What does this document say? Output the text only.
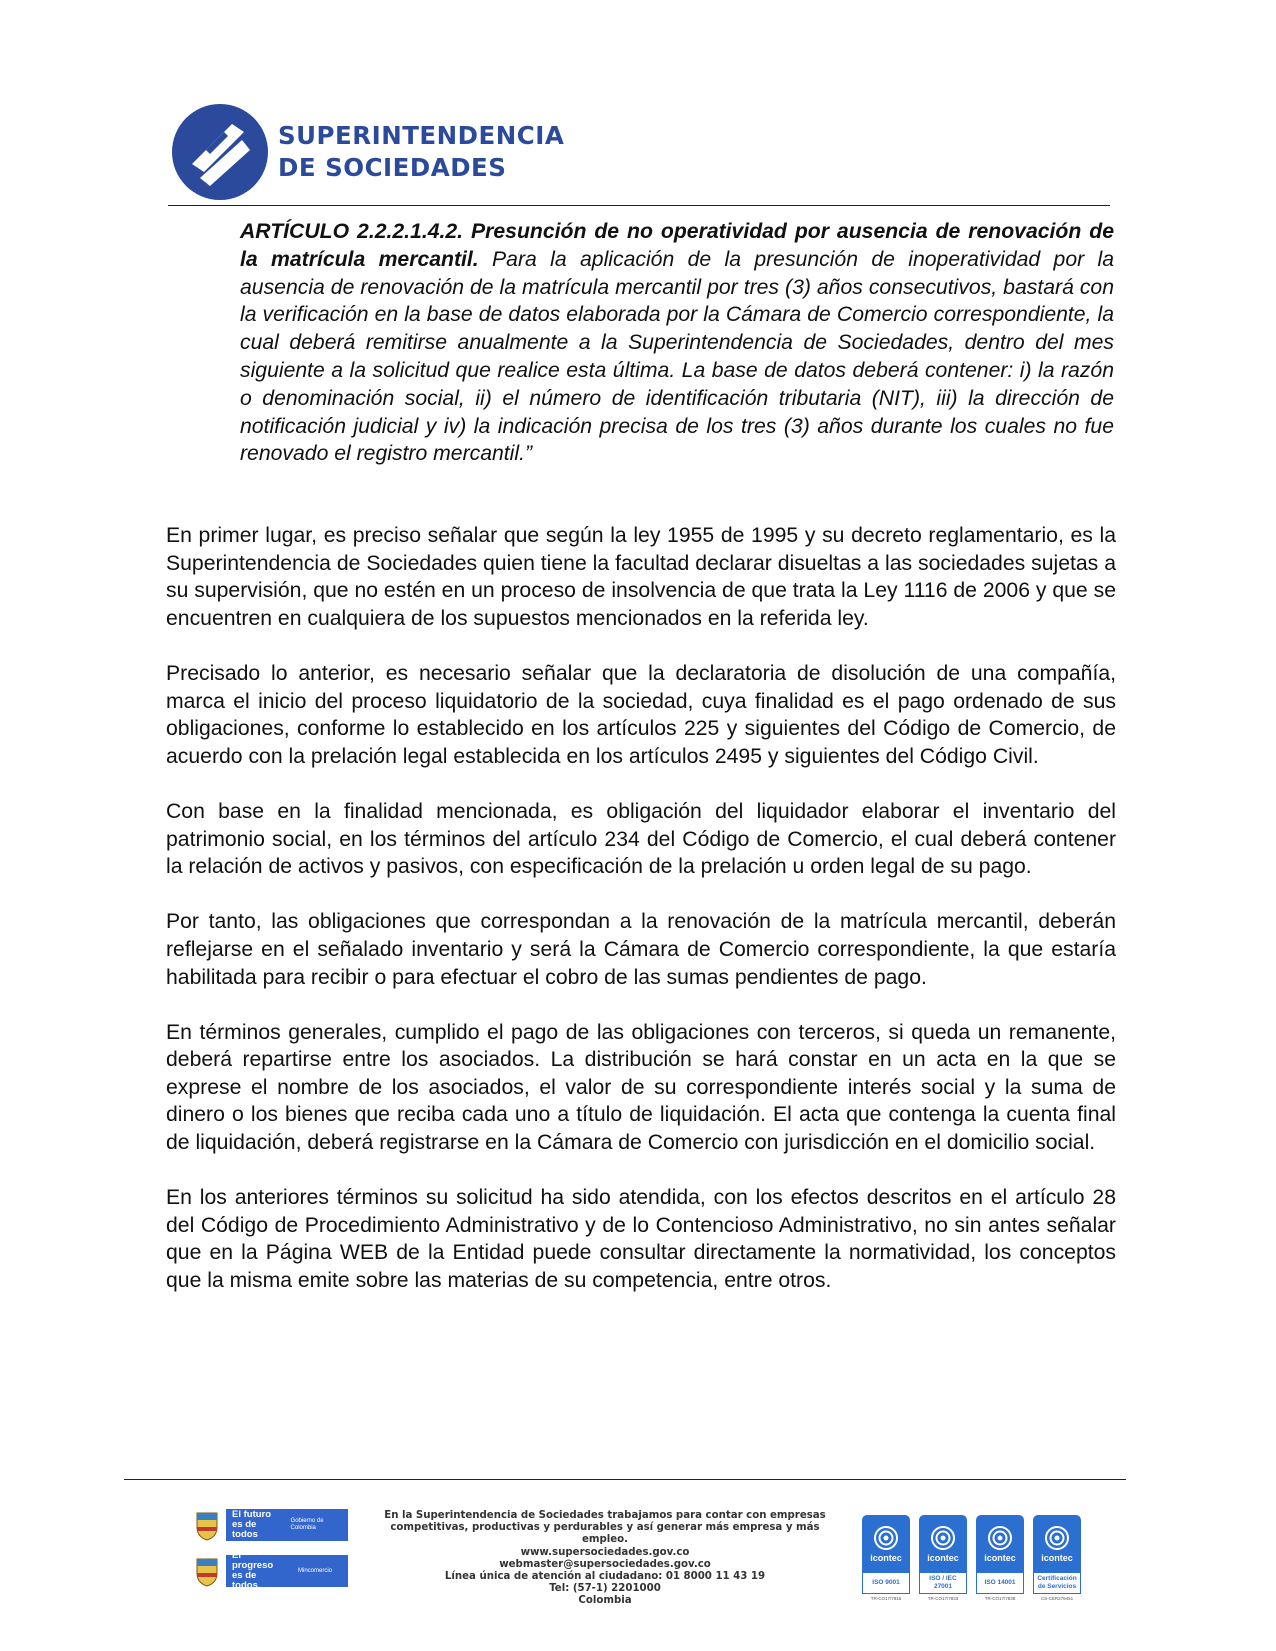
SUPERINTENDENCIA
DE SOCIEDADES
ARTÍCULO 2.2.2.1.4.2. Presunción de no operatividad por ausencia de renovación de la matrícula mercantil. Para la aplicación de la presunción de inoperatividad por la ausencia de renovación de la matrícula mercantil por tres (3) años consecutivos, bastará con la verificación en la base de datos elaborada por la Cámara de Comercio correspondiente, la cual deberá remitirse anualmente a la Superintendencia de Sociedades, dentro del mes siguiente a la solicitud que realice esta última. La base de datos deberá contener: i) la razón o denominación social, ii) el número de identificación tributaria (NIT), iii) la dirección de notificación judicial y iv) la indicación precisa de los tres (3) años durante los cuales no fue renovado el registro mercantil.”

En primer lugar, es preciso señalar que según la ley 1955 de 1995 y su decreto reglamentario, es la Superintendencia de Sociedades quien tiene la facultad declarar disueltas a las sociedades sujetas a su supervisión, que no estén en un proceso de insolvencia de que trata la Ley 1116 de 2006 y que se encuentren en cualquiera de los supuestos mencionados en la referida ley.

Precisado lo anterior, es necesario señalar que la declaratoria de disolución de una compañía, marca el inicio del proceso liquidatorio de la sociedad, cuya finalidad es el pago ordenado de sus obligaciones, conforme lo establecido en los artículos 225 y siguientes del Código de Comercio, de acuerdo con la prelación legal establecida en los artículos 2495 y siguientes del Código Civil.

Con base en la finalidad mencionada, es obligación del liquidador elaborar el inventario del patrimonio social, en los términos del artículo 234 del Código de Comercio, el cual deberá contener la relación de activos y pasivos, con especificación de la prelación u orden legal de su pago.

Por tanto, las obligaciones que correspondan a la renovación de la matrícula mercantil, deberán reflejarse en el señalado inventario y será la Cámara de Comercio correspondiente, la que estaría habilitada para recibir o para efectuar el cobro de las sumas pendientes de pago.

En términos generales, cumplido el pago de las obligaciones con terceros, si queda un remanente, deberá repartirse entre los asociados. La distribución se hará constar en un acta en la que se exprese el nombre de los asociados, el valor de su correspondiente interés social y la suma de dinero o los bienes que reciba cada uno a título de liquidación. El acta que contenga la cuenta final de liquidación, deberá registrarse en la Cámara de Comercio con jurisdicción en el domicilio social.

En los anteriores términos su solicitud ha sido atendida, con los efectos descritos en el artículo 28 del Código de Procedimiento Administrativo y de lo Contencioso Administrativo, no sin antes señalar que en la Página WEB de la Entidad puede consultar directamente la normatividad, los conceptos que la misma emite sobre las materias de su competencia, entre otros.

El futuro es de todos
Gobierno de Colombia
El progreso es de todos
Mincomercio
En la Superintendencia de Sociedades trabajamos para contar con empresas
competitivas, productivas y perdurables y así generar más empresa y más empleo.
www.supersociedades.gov.co
webmaster@supersociedades.gov.co
Línea única de atención al ciudadano: 01 8000 11 43 19
Tel: (57-1) 2201000
Colombia
icontec
ISO 9001
TR-CO17/7815
icontec
ISO / IEC 27001
TR-CO17/7833
icontec
ISO 14001
TR-CO17/7838
icontec
Certificación de Servicios
CS-CER279451
